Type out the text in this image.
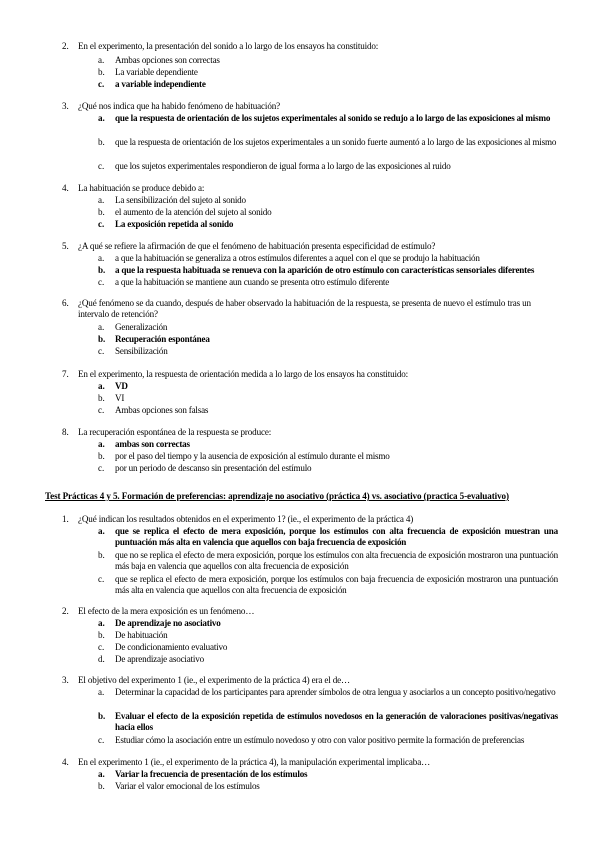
2.	En el experimento, la presentación del sonido a lo largo de los ensayos ha constituido:
a.	Ambas opciones son correctas
b.	La variable dependiente
c.	a variable independiente
3.	¿Qué nos indica que ha habido fenómeno de habituación?
a.	que la respuesta de orientación de los sujetos experimentales al sonido se redujo a lo largo de las exposiciones al mismo
b.	que la respuesta de orientación de los sujetos experimentales a un sonido fuerte aumentó a lo largo de las exposiciones al mismo
c.	que los sujetos experimentales respondieron de igual forma a lo largo de las exposiciones al ruido
4.	La habituación se produce debido a:
a.	La sensibilización del sujeto al sonido
b.	el aumento de la atención del sujeto al sonido
c.	La exposición repetida al sonido
5.	¿A qué se refiere la afirmación de que el fenómeno de habituación presenta especificidad de estímulo?
a.	a que la habituación se generaliza a otros estímulos diferentes a aquel con el que se produjo la habituación
b.	a que la respuesta habituada se renueva con la aparición de otro estímulo con características sensoriales diferentes
c.	a que la habituación se mantiene aun cuando se presenta otro estímulo diferente
6.	¿Qué fenómeno se da cuando, después de haber observado la habituación de la respuesta, se presenta de nuevo el estímulo tras un intervalo de retención?
a.	Generalización
b.	Recuperación espontánea
c.	Sensibilización
7.	En el experimento, la respuesta de orientación medida a lo largo de los ensayos ha constituido:
a.	VD
b.	VI
c.	Ambas opciones son falsas
8.	La recuperación espontánea de la respuesta se produce:
a.	ambas son correctas
b.	por el paso del tiempo y la ausencia de exposición al estímulo durante el mismo
c.	por un periodo de descanso sin presentación del estímulo
Test Prácticas 4 y 5. Formación de preferencias: aprendizaje no asociativo (práctica 4) vs. asociativo (practica 5-evaluativo)
1.	¿Qué indican los resultados obtenidos en el experimento 1? (ie., el experimento de la práctica 4)
a.	que se replica el efecto de mera exposición, porque los estímulos con alta frecuencia de exposición muestran una puntuación más alta en valencia que aquellos con baja frecuencia de exposición
b.	que no se replica el efecto de mera exposición, porque los estímulos con alta frecuencia de exposición mostraron una puntuación más baja en valencia que aquellos con alta frecuencia de exposición
c.	que se replica el efecto de mera exposición, porque los estímulos con baja frecuencia de exposición mostraron una puntuación más alta en valencia que aquellos con alta frecuencia de exposición
2.	El efecto de la mera exposición es un fenómeno…
a.	De aprendizaje no asociativo
b.	De habituación
c.	De condicionamiento evaluativo
d.	De aprendizaje asociativo
3.	El objetivo del experimento 1 (ie., el experimento de la práctica 4) era el de…
a.	Determinar la capacidad de los participantes para aprender símbolos de otra lengua y asociarlos a un concepto positivo/negativo
b.	Evaluar el efecto de la exposición repetida de estímulos novedosos en la generación de valoraciones positivas/negativas hacia ellos
c.	Estudiar cómo la asociación entre un estímulo novedoso y otro con valor positivo permite la formación de preferencias
4.	En el experimento 1 (ie., el experimento de la práctica 4), la manipulación experimental implicaba…
a.	Variar la frecuencia de presentación de los estímulos
b.	Variar el valor emocional de los estímulos
